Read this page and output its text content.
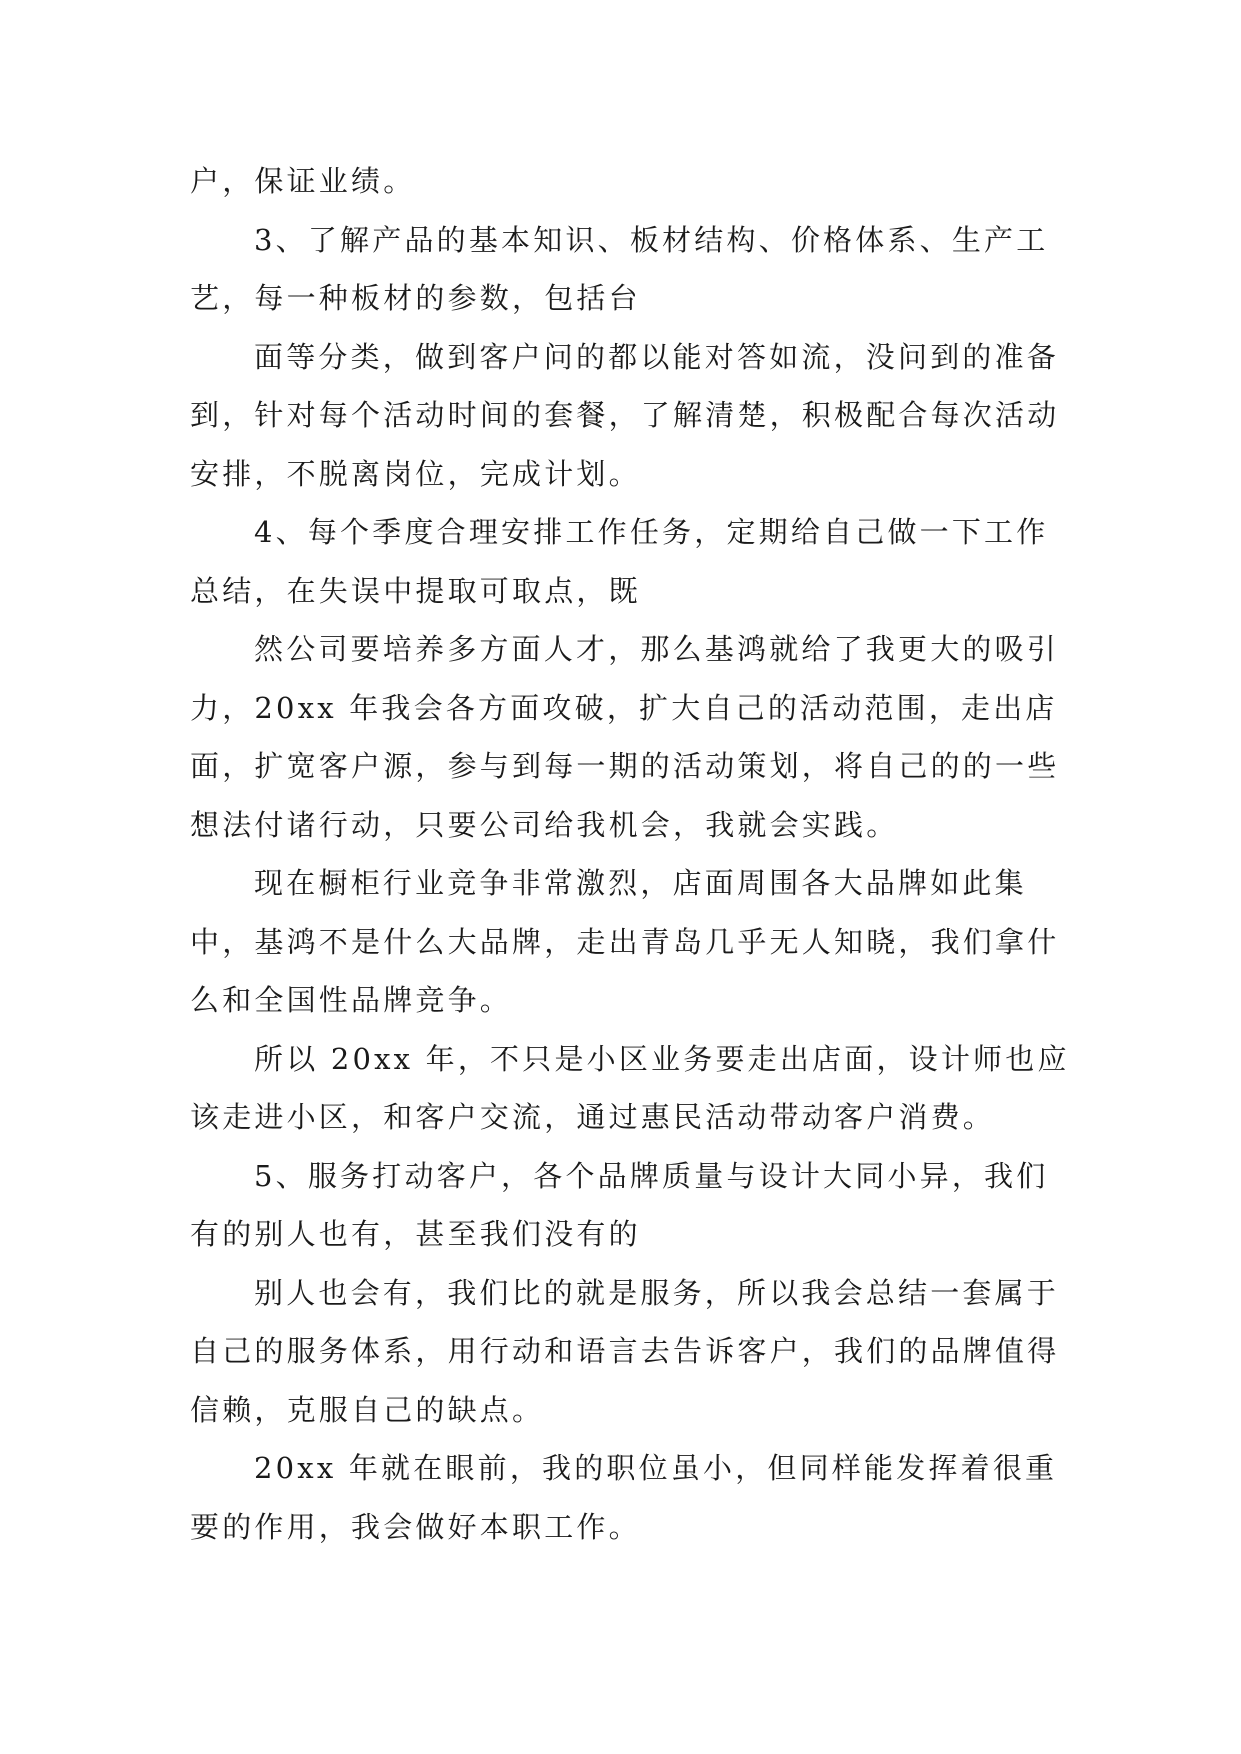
户，保证业绩。

3、了解产品的基本知识、板材结构、价格体系、生产工艺，每一种板材的参数，包括台

面等分类，做到客户问的都以能对答如流，没问到的准备到，针对每个活动时间的套餐，了解清楚，积极配合每次活动安排，不脱离岗位，完成计划。

4、每个季度合理安排工作任务，定期给自己做一下工作总结，在失误中提取可取点，既

然公司要培养多方面人才，那么基鸿就给了我更大的吸引力，20xx 年我会各方面攻破，扩大自己的活动范围，走出店面，扩宽客户源，参与到每一期的活动策划，将自己的的一些想法付诸行动，只要公司给我机会，我就会实践。

现在橱柜行业竞争非常激烈，店面周围各大品牌如此集中，基鸿不是什么大品牌，走出青岛几乎无人知晓，我们拿什么和全国性品牌竞争。

所以 20xx 年，不只是小区业务要走出店面，设计师也应该走进小区，和客户交流，通过惠民活动带动客户消费。

5、服务打动客户，各个品牌质量与设计大同小异，我们有的别人也有，甚至我们没有的

别人也会有，我们比的就是服务，所以我会总结一套属于自己的服务体系，用行动和语言去告诉客户，我们的品牌值得信赖，克服自己的缺点。

20xx 年就在眼前，我的职位虽小，但同样能发挥着很重要的作用，我会做好本职工作。
